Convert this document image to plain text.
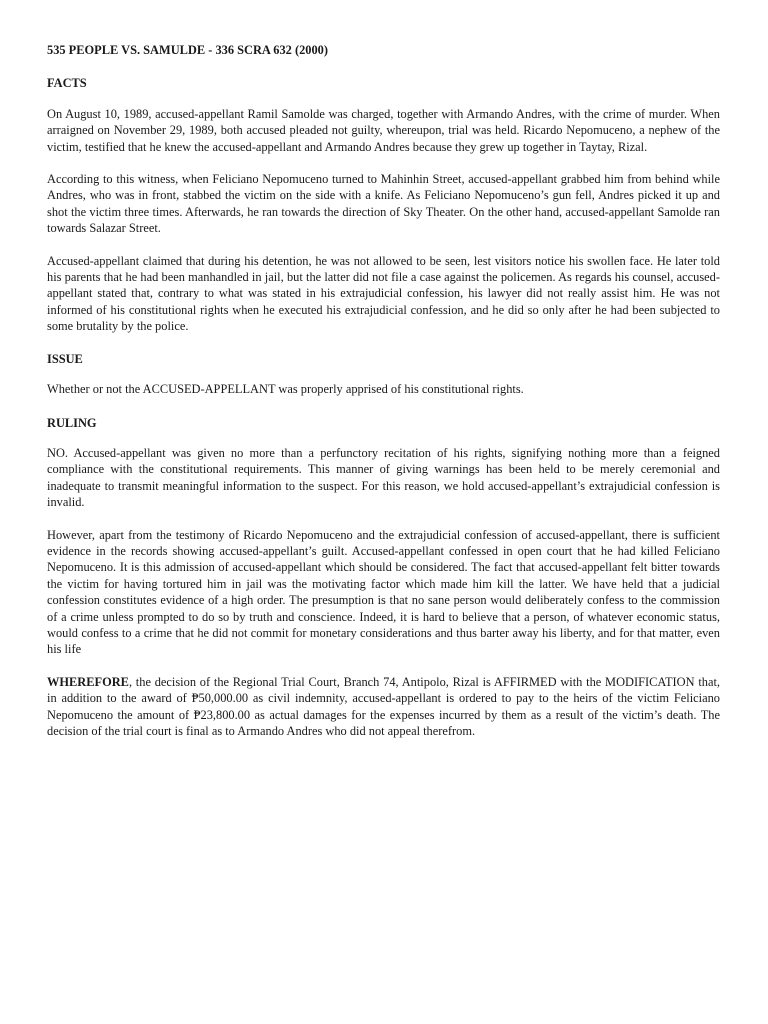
535 PEOPLE VS. SAMULDE - 336 SCRA 632 (2000)
FACTS

On August 10, 1989, accused-appellant Ramil Samolde was charged, together with Armando Andres, with the crime of murder. When arraigned on November 29, 1989, both accused pleaded not guilty, whereupon, trial was held. Ricardo Nepomuceno, a nephew of the victim, testified that he knew the accused-appellant and Armando Andres because they grew up together in Taytay, Rizal.

According to this witness, when Feliciano Nepomuceno turned to Mahinhin Street, accused-appellant grabbed him from behind while Andres, who was in front, stabbed the victim on the side with a knife. As Feliciano Nepomuceno’s gun fell, Andres picked it up and shot the victim three times. Afterwards, he ran towards the direction of Sky Theater. On the other hand, accused-appellant Samolde ran towards Salazar Street.

Accused-appellant claimed that during his detention, he was not allowed to be seen, lest visitors notice his swollen face. He later told his parents that he had been manhandled in jail, but the latter did not file a case against the policemen. As regards his counsel, accused-appellant stated that, contrary to what was stated in his extrajudicial confession, his lawyer did not really assist him. He was not informed of his constitutional rights when he executed his extrajudicial confession, and he did so only after he had been subjected to some brutality by the police.

ISSUE

Whether or not the ACCUSED-APPELLANT was properly apprised of his constitutional rights.

RULING

NO. Accused-appellant was given no more than a perfunctory recitation of his rights, signifying nothing more than a feigned compliance with the constitutional requirements. This manner of giving warnings has been held to be merely ceremonial and inadequate to transmit meaningful information to the suspect. For this reason, we hold accused-appellant’s extrajudicial confession is invalid.

However, apart from the testimony of Ricardo Nepomuceno and the extrajudicial confession of accused-appellant, there is sufficient evidence in the records showing accused-appellant’s guilt. Accused-appellant confessed in open court that he had killed Feliciano Nepomuceno. It is this admission of accused-appellant which should be considered. The fact that accused-appellant felt bitter towards the victim for having tortured him in jail was the motivating factor which made him kill the latter. We have held that a judicial confession constitutes evidence of a high order. The presumption is that no sane person would deliberately confess to the commission of a crime unless prompted to do so by truth and conscience. Indeed, it is hard to believe that a person, of whatever economic status, would confess to a crime that he did not commit for monetary considerations and thus barter away his liberty, and for that matter, even his life

WHEREFORE, the decision of the Regional Trial Court, Branch 74, Antipolo, Rizal is AFFIRMED with the MODIFICATION that, in addition to the award of ₱50,000.00 as civil indemnity, accused-appellant is ordered to pay to the heirs of the victim Feliciano Nepomuceno the amount of ₱23,800.00 as actual damages for the expenses incurred by them as a result of the victim’s death. The decision of the trial court is final as to Armando Andres who did not appeal therefrom.
